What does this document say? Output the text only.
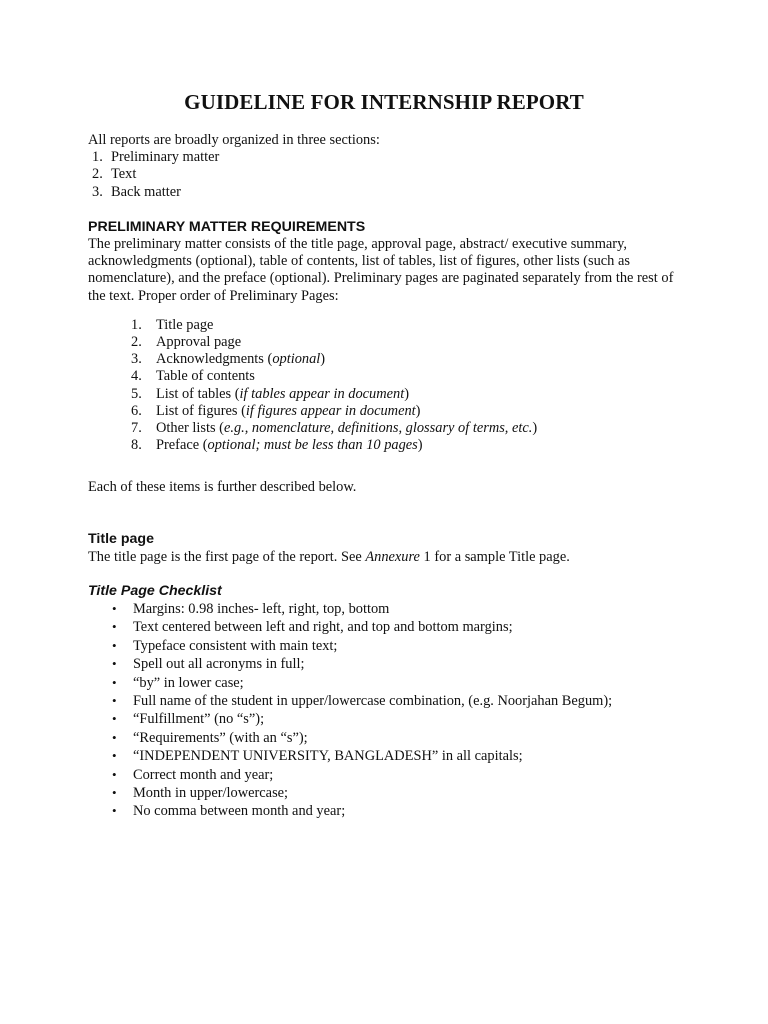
GUIDELINE FOR INTERNSHIP REPORT

All reports are broadly organized in three sections:

1. Preliminary matter
2. Text
3. Back matter
PRELIMINARY MATTER REQUIREMENTS

The preliminary matter consists of the title page, approval page, abstract/ executive summary, acknowledgments (optional), table of contents, list of tables, list of figures, other lists (such as nomenclature), and the preface (optional). Preliminary pages are paginated separately from the rest of the text. Proper order of Preliminary Pages:

1. Title page
2. Approval page
3. Acknowledgments (optional)
4. Table of contents
5. List of tables (if tables appear in document)
6. List of figures (if figures appear in document)
7. Other lists (e.g., nomenclature, definitions, glossary of terms, etc.)
8. Preface (optional; must be less than 10 pages)

Each of these items is further described below.

Title page

The title page is the first page of the report. See Annexure 1 for a sample Title page.

Title Page Checklist
• Margins: 0.98 inches- left, right, top, bottom
• Text centered between left and right, and top and bottom margins;
• Typeface consistent with main text;
• Spell out all acronyms in full;
• “by” in lower case;
• Full name of the student in upper/lowercase combination, (e.g. Noorjahan Begum);
• “Fulfillment” (no “s”);
• “Requirements” (with an “s”);
• “INDEPENDENT UNIVERSITY, BANGLADESH” in all capitals;
• Correct month and year;
• Month in upper/lowercase;
• No comma between month and year;
